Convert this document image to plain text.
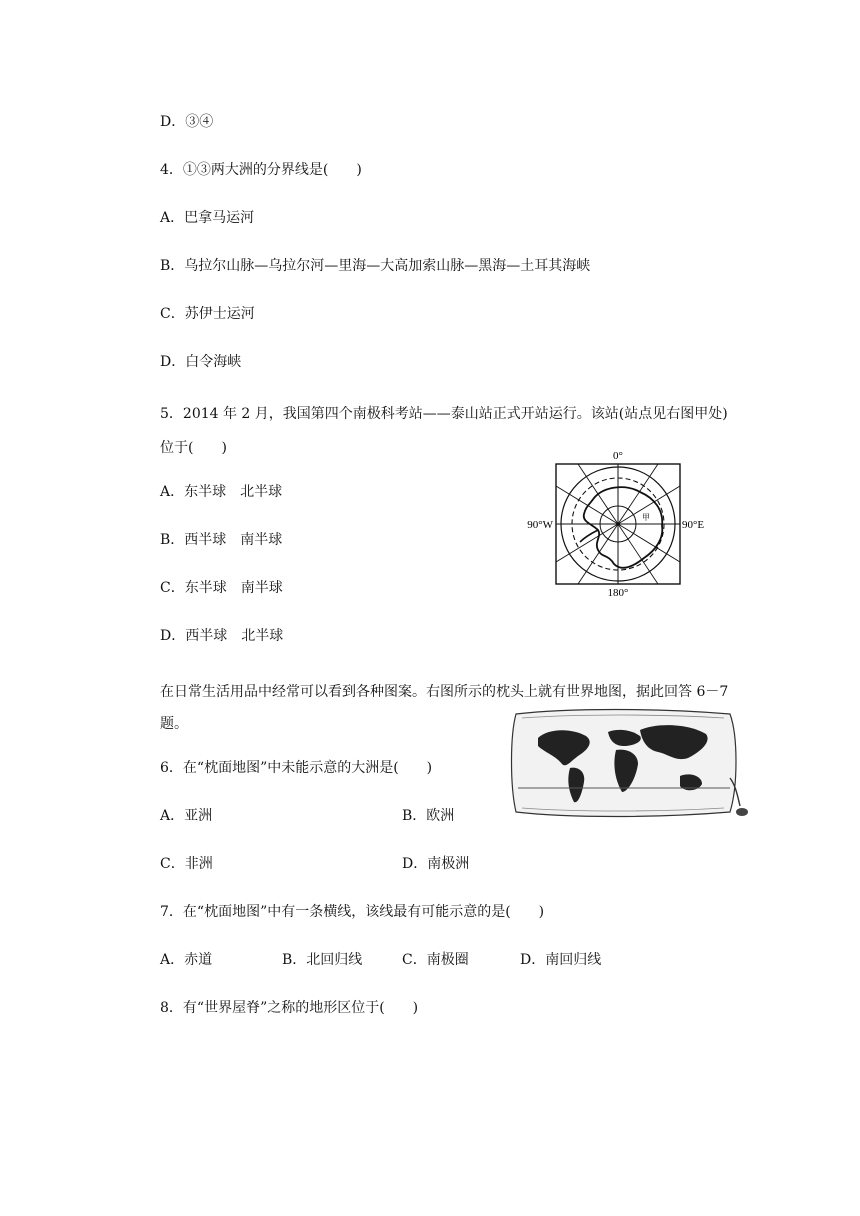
D．③④
4．①③两大洲的分界线是(　　)
A．巴拿马运河
B．乌拉尔山脉—乌拉尔河—里海—大高加索山脉—黑海—土耳其海峡
C．苏伊士运河
D．白令海峡
5．2014 年 2 月，我国第四个南极科考站——泰山站正式开站运行。该站(站点见右图甲处)位于(　　)
A．东半球　北半球
B．西半球　南半球
C．东半球　南半球
D．西半球　北半球
0°
180°
90°W	90°E
甲
在日常生活用品中经常可以看到各种图案。右图所示的枕头上就有世界地图，据此回答 6－7 题。
6．在“枕面地图”中未能示意的大洲是(　　)
A．亚洲	B．欧洲
C．非洲	D．南极洲
7．在“枕面地图”中有一条横线，该线最有可能示意的是(　　)
A．赤道	B．北回归线	C．南极圈	D．南回归线
8．有“世界屋脊”之称的地形区位于(　　)
